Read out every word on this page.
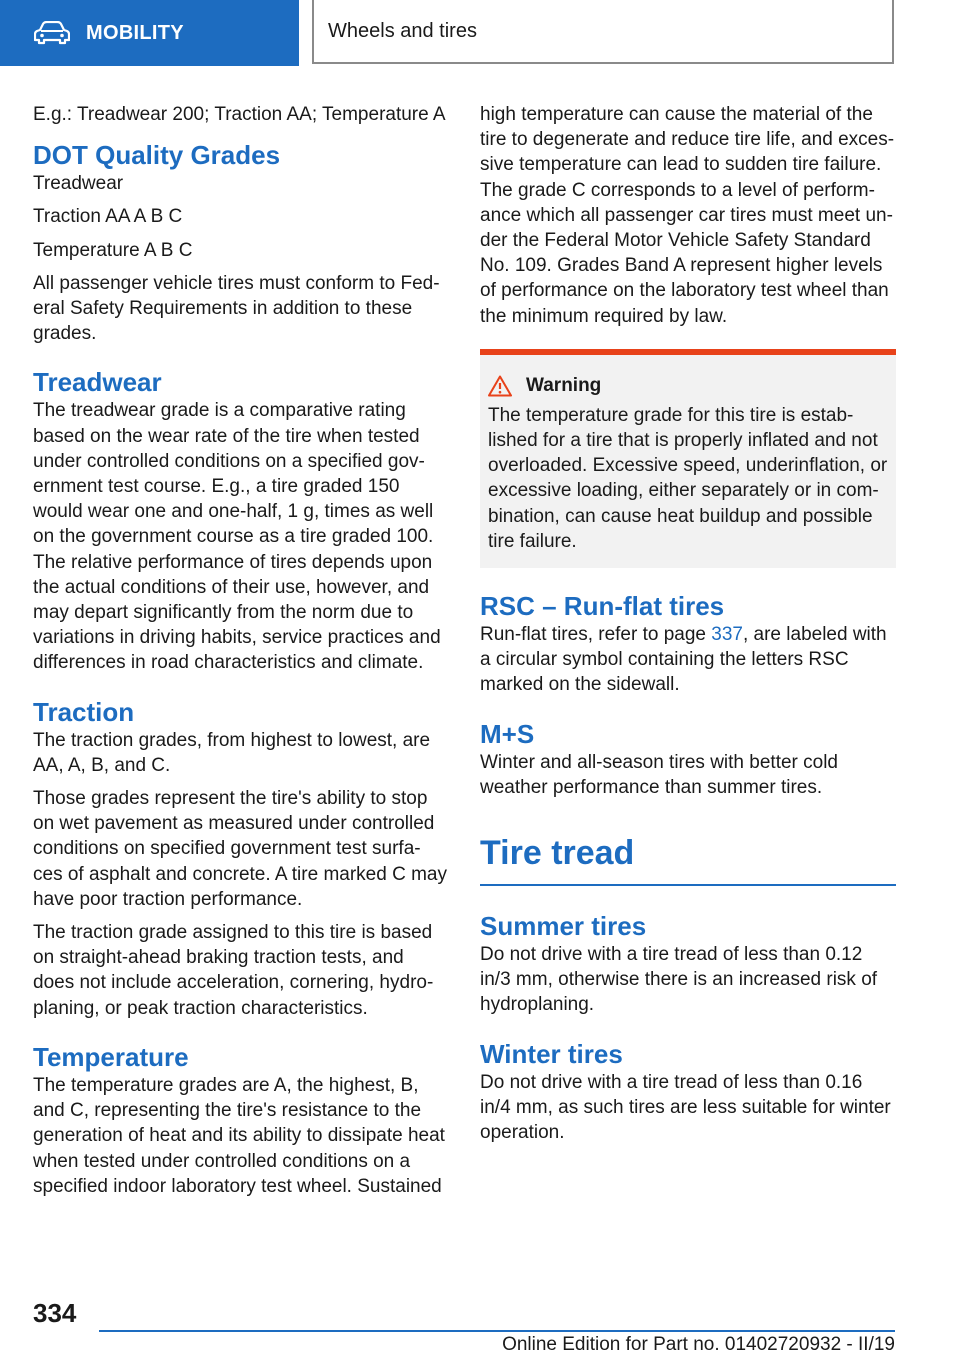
MOBILITY	Wheels and tires

E.g.: Treadwear 200; Traction AA; Temperature A

DOT Quality Grades

Treadwear

Traction AA A B C

Temperature A B C

All passenger vehicle tires must conform to Fed-eral Safety Requirements in addition to these grades.

Treadwear

The treadwear grade is a comparative rating based on the wear rate of the tire when tested under controlled conditions on a specified gov-ernment test course. E.g., a tire graded 150 would wear one and one-half, 1 g, times as well on the government course as a tire graded 100. The relative performance of tires depends upon the actual conditions of their use, however, and may depart significantly from the norm due to variations in driving habits, service practices and differences in road characteristics and climate.

Traction

The traction grades, from highest to lowest, are AA, A, B, and C.

Those grades represent the tire's ability to stop on wet pavement as measured under controlled conditions on specified government test surfa-ces of asphalt and concrete. A tire marked C may have poor traction performance.

The traction grade assigned to this tire is based on straight-ahead braking traction tests, and does not include acceleration, cornering, hydro-planing, or peak traction characteristics.

Temperature

The temperature grades are A, the highest, B, and C, representing the tire's resistance to the generation of heat and its ability to dissipate heat when tested under controlled conditions on a specified indoor laboratory test wheel. Sustained

high temperature can cause the material of the tire to degenerate and reduce tire life, and exces-sive temperature can lead to sudden tire failure. The grade C corresponds to a level of perform-ance which all passenger car tires must meet un-der the Federal Motor Vehicle Safety Standard No. 109. Grades Band A represent higher levels of performance on the laboratory test wheel than the minimum required by law.

Warning

The temperature grade for this tire is estab-lished for a tire that is properly inflated and not overloaded. Excessive speed, underinflation, or excessive loading, either separately or in com-bination, can cause heat buildup and possible tire failure.

RSC – Run-flat tires

Run-flat tires, refer to page 337, are labeled with a circular symbol containing the letters RSC marked on the sidewall.

M+S

Winter and all-season tires with better cold weather performance than summer tires.

Tire tread
Summer tires

Do not drive with a tire tread of less than 0.12 in/3 mm, otherwise there is an increased risk of hydroplaning.

Winter tires

Do not drive with a tire tread of less than 0.16 in/4 mm, as such tires are less suitable for winter operation.

334
Online Edition for Part no. 01402720932 - II/19
